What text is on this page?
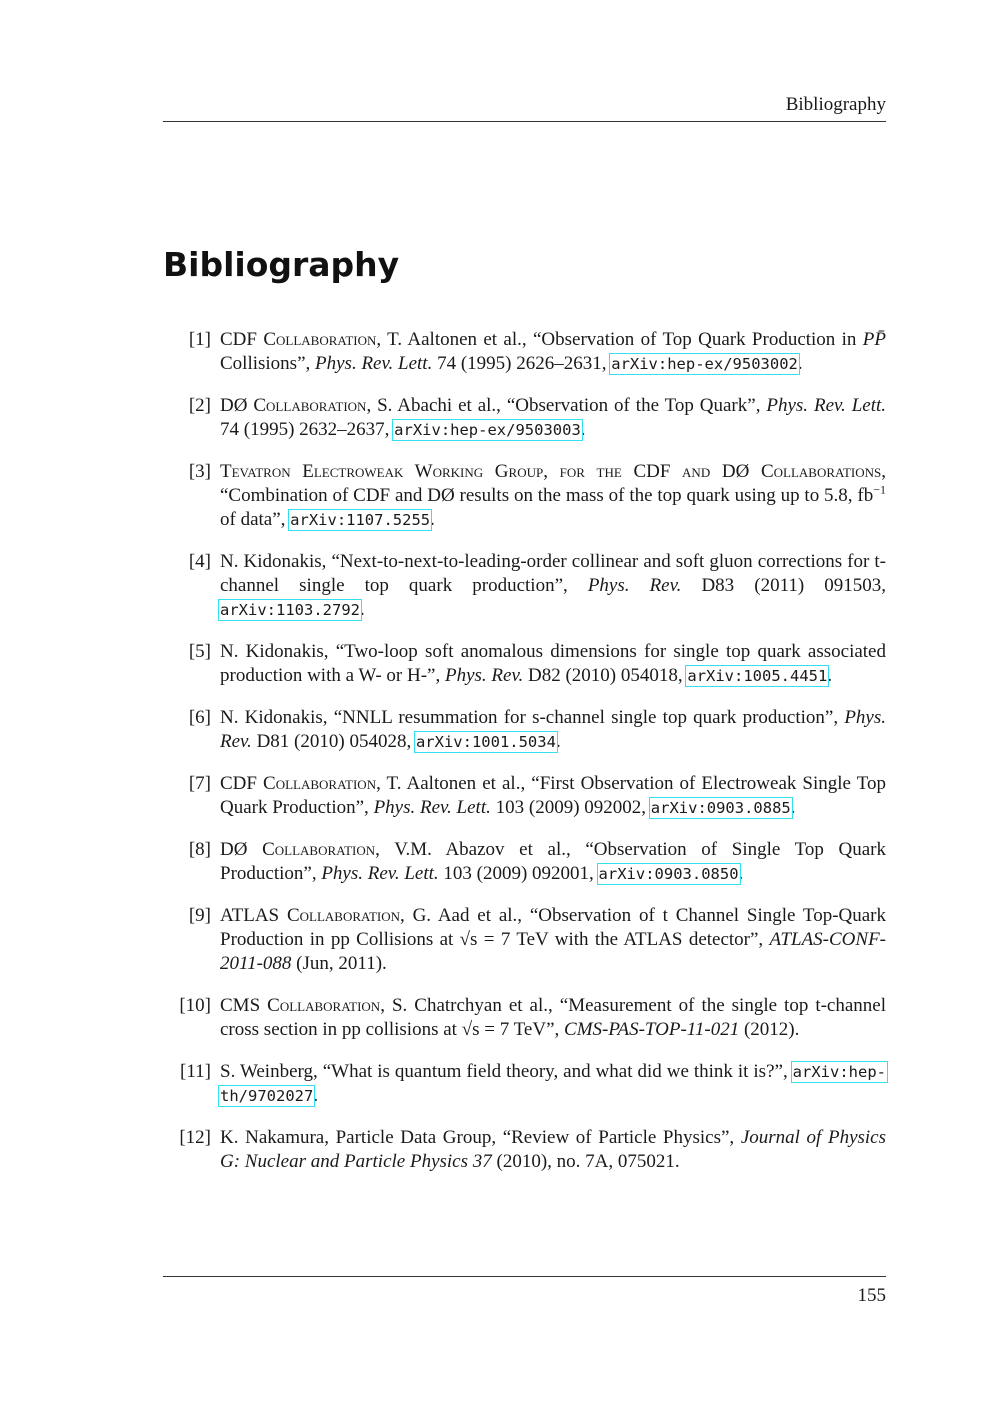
Bibliography
Bibliography
[1] CDF Collaboration, T. Aaltonen et al., “Observation of Top Quark Production in PP̄ Collisions”, Phys. Rev. Lett. 74 (1995) 2626–2631, arXiv:hep-ex/9503002.
[2] DØ Collaboration, S. Abachi et al., “Observation of the Top Quark”, Phys. Rev. Lett. 74 (1995) 2632–2637, arXiv:hep-ex/9503003.
[3] Tevatron Electroweak Working Group, for the CDF and DØ Collaborations, “Combination of CDF and DØ results on the mass of the top quark using up to 5.8, $fb^{-1}$ of data”, arXiv:1107.5255.
[4] N. Kidonakis, “Next-to-next-to-leading-order collinear and soft gluon corrections for t-channel single top quark production”, Phys. Rev. D83 (2011) 091503, arXiv:1103.2792.
[5] N. Kidonakis, “Two-loop soft anomalous dimensions for single top quark associated production with a W- or H-”, Phys. Rev. D82 (2010) 054018, arXiv:1005.4451.
[6] N. Kidonakis, “NNLL resummation for s-channel single top quark production”, Phys. Rev. D81 (2010) 054028, arXiv:1001.5034.
[7] CDF Collaboration, T. Aaltonen et al., “First Observation of Electroweak Single Top Quark Production”, Phys. Rev. Lett. 103 (2009) 092002, arXiv:0903.0885.
[8] DØ Collaboration, V.M. Abazov et al., “Observation of Single Top Quark Production”, Phys. Rev. Lett. 103 (2009) 092001, arXiv:0903.0850.
[9] ATLAS Collaboration, G. Aad et al., “Observation of t Channel Single Top-Quark Production in pp Collisions at √s = 7 TeV with the ATLAS detector”, ATLAS-CONF-2011-088 (Jun, 2011).
[10] CMS Collaboration, S. Chatrchyan et al., “Measurement of the single top t-channel cross section in pp collisions at √s = 7 TeV”, CMS-PAS-TOP-11-021 (2012).
[11] S. Weinberg, “What is quantum field theory, and what did we think it is?”, arXiv:hep-th/9702027.
[12] K. Nakamura, Particle Data Group, “Review of Particle Physics”, Journal of Physics G: Nuclear and Particle Physics 37 (2010), no. 7A, 075021.
155
